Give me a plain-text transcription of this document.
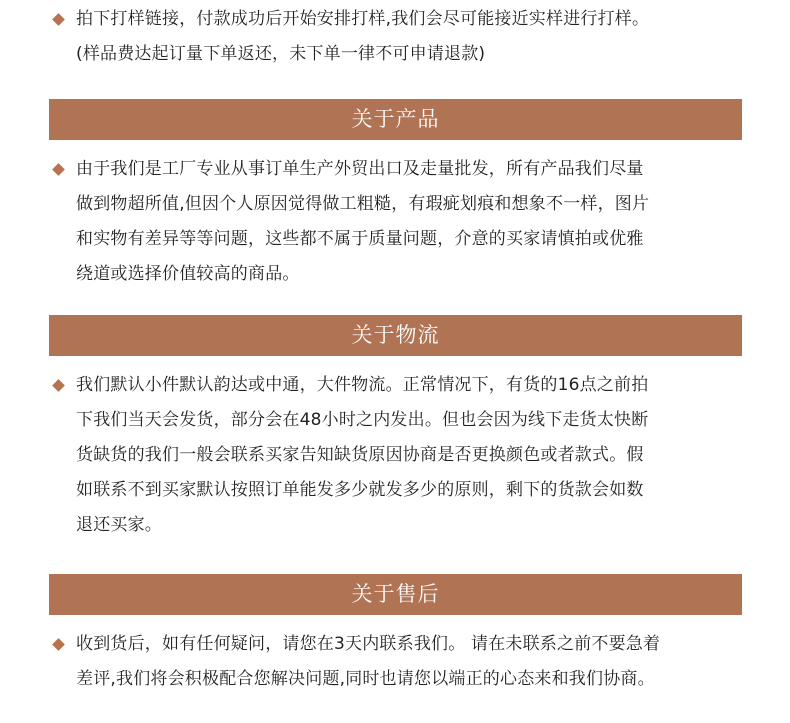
拍下打样链接，付款成功后开始安排打样,我们会尽可能接近实样进行打样。
(样品费达起订量下单返还，未下单一律不可申请退款)
关于产品
由于我们是工厂专业从事订单生产外贸出口及走量批发，所有产品我们尽量
做到物超所值,但因个人原因觉得做工粗糙，有瑕疵划痕和想象不一样，图片
和实物有差异等等问题，这些都不属于质量问题，介意的买家请慎拍或优雅
绕道或选择价值较高的商品。
关于物流
我们默认小件默认韵达或中通，大件物流。正常情况下，有货的16点之前拍
下我们当天会发货，部分会在48小时之内发出。但也会因为线下走货太快断
货缺货的我们一般会联系买家告知缺货原因协商是否更换颜色或者款式。假
如联系不到买家默认按照订单能发多少就发多少的原则，剩下的货款会如数
退还买家。
关于售后
收到货后，如有任何疑问，请您在3天内联系我们。 请在未联系之前不要急着
差评,我们将会积极配合您解决问题,同时也请您以端正的心态来和我们协商。
